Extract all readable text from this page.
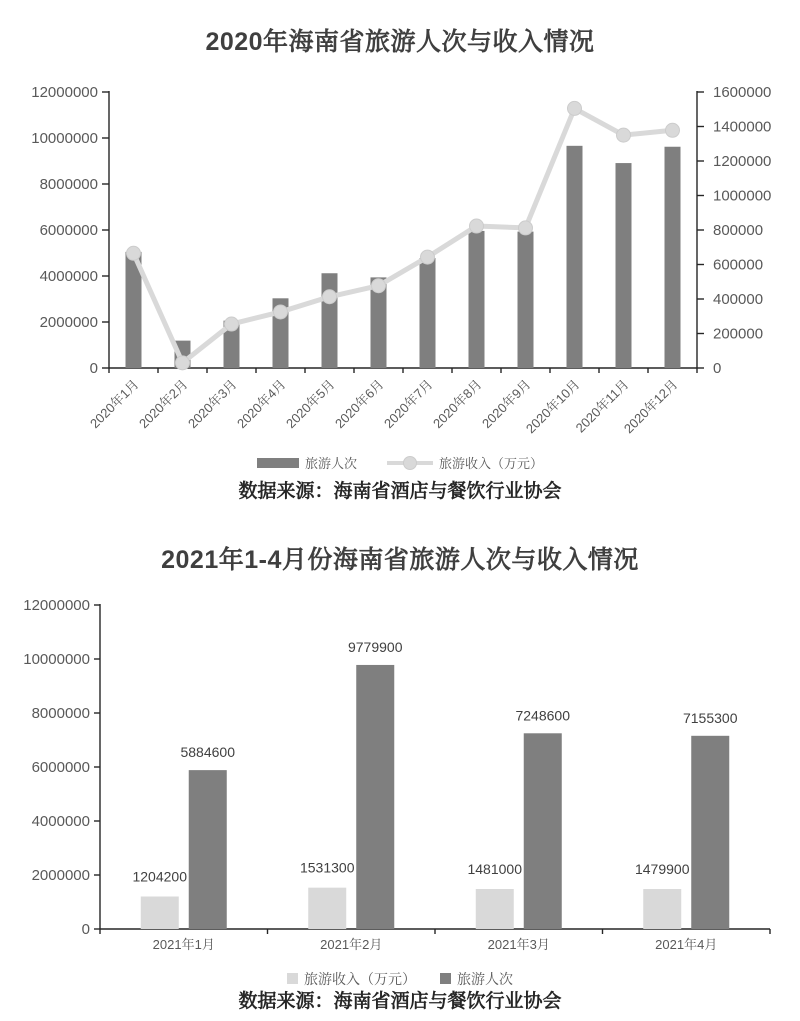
2020年海南省旅游人次与收入情况
0
2000000
4000000
6000000
8000000
10000000
12000000
0
200000
400000
600000
800000
1000000
1200000
1400000
1600000
2020年1月
2020年2月
2020年3月
2020年4月
2020年5月
2020年6月
2020年7月
2020年8月
2020年9月
2020年10月
2020年11月
2020年12月
旅游人次	旅游收入（万元）
数据来源：海南省酒店与餐饮行业协会
2021年1-4月份海南省旅游人次与收入情况
0
2000000
4000000
6000000
8000000
10000000
12000000
1204200
1531300	1481000	1479900
5884600
9779900
7248600	7155300
2021年1月	2021年2月	2021年3月	2021年4月
旅游收入（万元）	旅游人次
数据来源：海南省酒店与餐饮行业协会
